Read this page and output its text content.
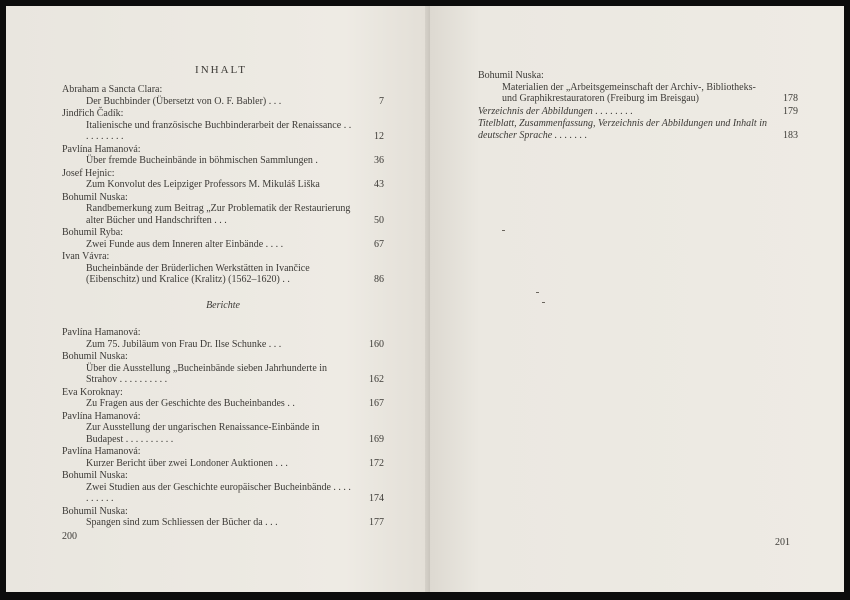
INHALT
Abraham a Sancta Clara:
Der Buchbinder (Übersetzt von O. F. Babler) . . .	7
Jindřich Čadík:
Italienische und französische Buchbinderarbeit der Renaissance . . . . . . . . . .	12
Pavlína Hamanová:
Über fremde Bucheinbände in böhmischen Sammlungen .	36
Josef Hejnic:
Zum Konvolut des Leipziger Professors M. Mikuláš Liška	43
Bohumil Nuska:
Randbemerkung zum Beitrag „Zur Problematik der Restaurierung alter Bücher und Handschriften . . .	50
Bohumil Ryba:
Zwei Funde aus dem Inneren alter Einbände . . . .	67
Ivan Vávra:
Bucheinbände der Brüderlichen Werkstätten in Ivančice (Eibenschitz) und Kralice (Kralitz) (1562–1620) . .	86
Berichte
Pavlína Hamanová:
Zum 75. Jubiläum von Frau Dr. Ilse Schunke . . .	160
Bohumil Nuska:
Über die Ausstellung „Bucheinbände sieben Jahrhunderte in Strahov . . . . . . . . . .	162
Eva Koroknay:
Zu Fragen aus der Geschichte des Bucheinbandes . .	167
Pavlína Hamanová:
Zur Ausstellung der ungarischen Renaissance-Einbände in Budapest . . . . . . . . . .	169
Pavlína Hamanová:
Kurzer Bericht über zwei Londoner Auktionen . . .	172
Bohumil Nuska:
Zwei Studien aus der Geschichte europäischer Bucheinbände . . . . . . . . . .	174
Bohumil Nuska:
Spangen sind zum Schliessen der Bücher da . . .	177
200
Bohumil Nuska:
Materialien der „Arbeitsgemeinschaft der Archiv-, Bibliotheks- und Graphikrestauratoren (Freiburg im Breisgau)	178
Verzeichnis der Abbildungen . . . . . . . .	179
Titelblatt, Zusammenfassung, Verzeichnis der Abbildungen und Inhalt in deutscher Sprache . . . . . . .	183
201
